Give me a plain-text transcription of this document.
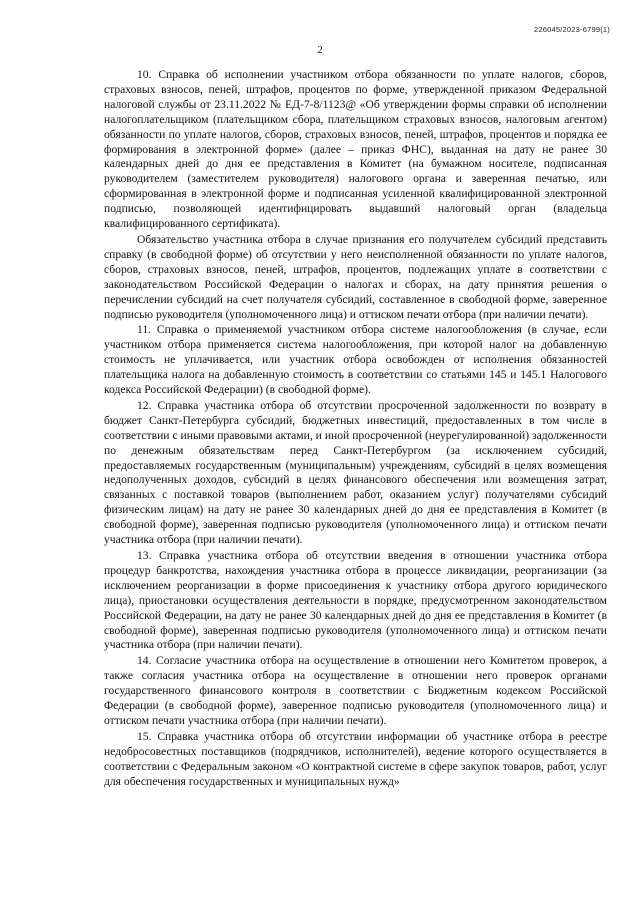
226045/2023-6799(1)
2

10. Справка об исполнении участником отбора обязанности по уплате налогов, сборов, страховых взносов, пеней, штрафов, процентов по форме, утвержденной приказом Федеральной налоговой службы от 23.11.2022 № ЕД-7-8/1123@ «Об утверждении формы справки об исполнении налогоплательщиком (плательщиком сбора, плательщиком страховых взносов, налоговым агентом) обязанности по уплате налогов, сборов, страховых взносов, пеней, штрафов, процентов и порядка ее формирования в электронной форме» (далее – приказ ФНС), выданная на дату не ранее 30 календарных дней до дня ее представления в Комитет (на бумажном носителе, подписанная руководителем (заместителем руководителя) налогового органа и заверенная печатью, или сформированная в электронной форме и подписанная усиленной квалифицированной электронной подписью, позволяющей идентифицировать выдавший налоговый орган (владельца квалифицированного сертификата).

Обязательство участника отбора в случае признания его получателем субсидий представить справку (в свободной форме) об отсутствии у него неисполненной обязанности по уплате налогов, сборов, страховых взносов, пеней, штрафов, процентов, подлежащих уплате в соответствии с законодательством Российской Федерации о налогах и сборах, на дату принятия решения о перечислении субсидий на счет получателя субсидий, составленное в свободной форме, заверенное подписью руководителя (уполномоченного лица) и оттиском печати отбора (при наличии печати).

11. Справка о применяемой участником отбора системе налогообложения (в случае, если участником отбора применяется система налогообложения, при которой налог на добавленную стоимость не уплачивается, или участник отбора освобожден от исполнения обязанностей плательщика налога на добавленную стоимость в соответствии со статьями 145 и 145.1 Налогового кодекса Российской Федерации) (в свободной форме).

12. Справка участника отбора об отсутствии просроченной задолженности по возврату в бюджет Санкт-Петербурга субсидий, бюджетных инвестиций, предоставленных в том числе в соответствии с иными правовыми актами, и иной просроченной (неурегулированной) задолженности по денежным обязательствам перед Санкт-Петербургом (за исключением субсидий, предоставляемых государственным (муниципальным) учреждениям, субсидий в целях возмещения недополученных доходов, субсидий в целях финансового обеспечения или возмещения затрат, связанных с поставкой товаров (выполнением работ, оказанием услуг) получателями субсидий физическим лицам) на дату не ранее 30 календарных дней до дня ее представления в Комитет (в свободной форме), заверенная подписью руководителя (уполномоченного лица) и оттиском печати участника отбора (при наличии печати).

13. Справка участника отбора об отсутствии введения в отношении участника отбора процедур банкротства, нахождения участника отбора в процессе ликвидации, реорганизации (за исключением реорганизации в форме присоединения к участнику отбора другого юридического лица), приостановки осуществления деятельности в порядке, предусмотренном законодательством Российской Федерации, на дату не ранее 30 календарных дней до дня ее представления в Комитет (в свободной форме), заверенная подписью руководителя (уполномоченного лица) и оттиском печати участника отбора (при наличии печати).

14. Согласие участника отбора на осуществление в отношении него Комитетом проверок, а также согласия участника отбора на осуществление в отношении него проверок органами государственного финансового контроля в соответствии с Бюджетным кодексом Российской Федерации (в свободной форме), заверенное подписью руководителя (уполномоченного лица) и оттиском печати участника отбора (при наличии печати).

15. Справка участника отбора об отсутствии информации об участнике отбора в реестре недобросовестных поставщиков (подрядчиков, исполнителей), ведение которого осуществляется в соответствии с Федеральным законом «О контрактной системе в сфере закупок товаров, работ, услуг для обеспечения государственных и муниципальных нужд»
